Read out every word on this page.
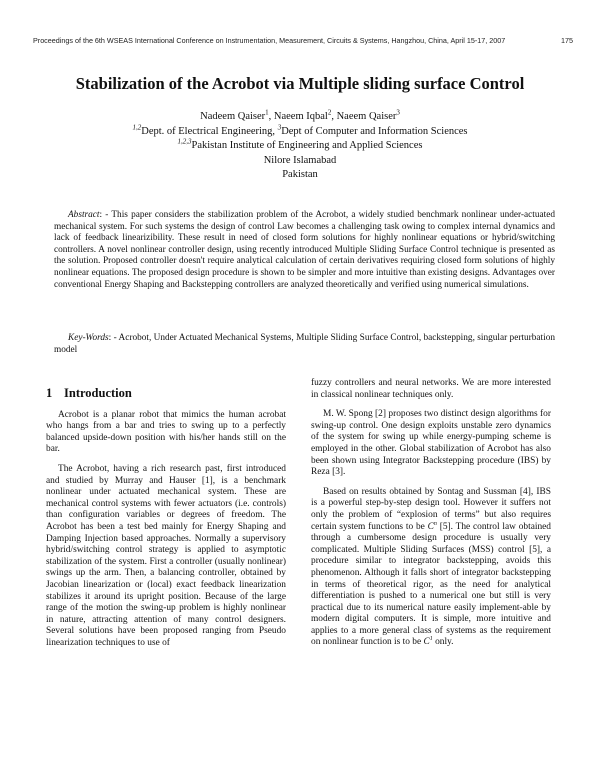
Proceedings of the 6th WSEAS International Conference on Instrumentation, Measurement, Circuits & Systems, Hangzhou, China, April 15-17, 2007	175
Stabilization of the Acrobot via Multiple sliding surface Control
Nadeem Qaiser$^1$, Naeem Iqbal$^2$, Naeem Qaiser$^3$
$^{1,2}$Dept. of Electrical Engineering, $^3$Dept of Computer and Information Sciences
$^{1,2,3}$Pakistan Institute of Engineering and Applied Sciences
Nilore Islamabad
Pakistan
Abstract: - This paper considers the stabilization problem of the Acrobot, a widely studied benchmark nonlinear under-actuated mechanical system. For such systems the design of control Law becomes a challenging task owing to complex internal dynamics and lack of feedback linearizibility. These result in need of closed form solutions for highly nonlinear equations or hybrid/switching controllers. A novel nonlinear controller design, using recently introduced Multiple Sliding Surface Control technique is presented as the solution. Proposed controller doesn't require analytical calculation of certain derivatives requiring closed form solutions of highly nonlinear equations. The proposed design procedure is shown to be simpler and more intuitive than existing designs. Advantages over conventional Energy Shaping and Backstepping controllers are analyzed theoretically and verified using numerical simulations.
Key-Words: - Acrobot, Under Actuated Mechanical Systems, Multiple Sliding Surface Control, backstepping, singular perturbation model
1 Introduction

Acrobot is a planar robot that mimics the human acrobat who hangs from a bar and tries to swing up to a perfectly balanced upside-down position with his/her hands still on the bar.

The Acrobot, having a rich research past, first introduced and studied by Murray and Hauser [1], is a benchmark nonlinear under actuated mechanical system. These are mechanical control systems with fewer actuators (i.e. controls) than configuration variables or degrees of freedom. The Acrobot has been a test bed mainly for Energy Shaping and Damping Injection based approaches. Normally a supervisory hybrid/switching control strategy is applied to asymptotic stabilization of the system. First a controller (usually nonlinear) swings up the arm. Then, a balancing controller, obtained by Jacobian linearization or (local) exact feedback linearization stabilizes it around its upright position. Because of the large range of the motion the swing-up problem is highly nonlinear in nature, attracting attention of many control designers. Several solutions have been proposed ranging from Pseudo linearization techniques to use of

fuzzy controllers and neural networks. We are more interested in classical nonlinear techniques only.

M. W. Spong [2] proposes two distinct design algorithms for swing-up control. One design exploits unstable zero dynamics of the system for swing up while energy-pumping scheme is employed in the other. Global stabilization of Acrobot has also been shown using Integrator Backstepping procedure (IBS) by Reza [3].

Based on results obtained by Sontag and Sussman [4], IBS is a powerful step-by-step design tool. However it suffers not only the problem of “explosion of terms” but also requires certain system functions to be $C^n$ [5]. The control law obtained through a cumbersome design procedure is usually very complicated. Multiple Sliding Surfaces (MSS) control [5], a procedure similar to integrator backstepping, avoids this phenomenon. Although it falls short of integrator backstepping in terms of theoretical rigor, as the need for analytical differentiation is pushed to a numerical one but still is very practical due to its numerical nature easily implement-able by modern digital computers. It is simple, more intuitive and applies to a more general class of systems as the requirement on nonlinear function is to be $C^1$ only.
